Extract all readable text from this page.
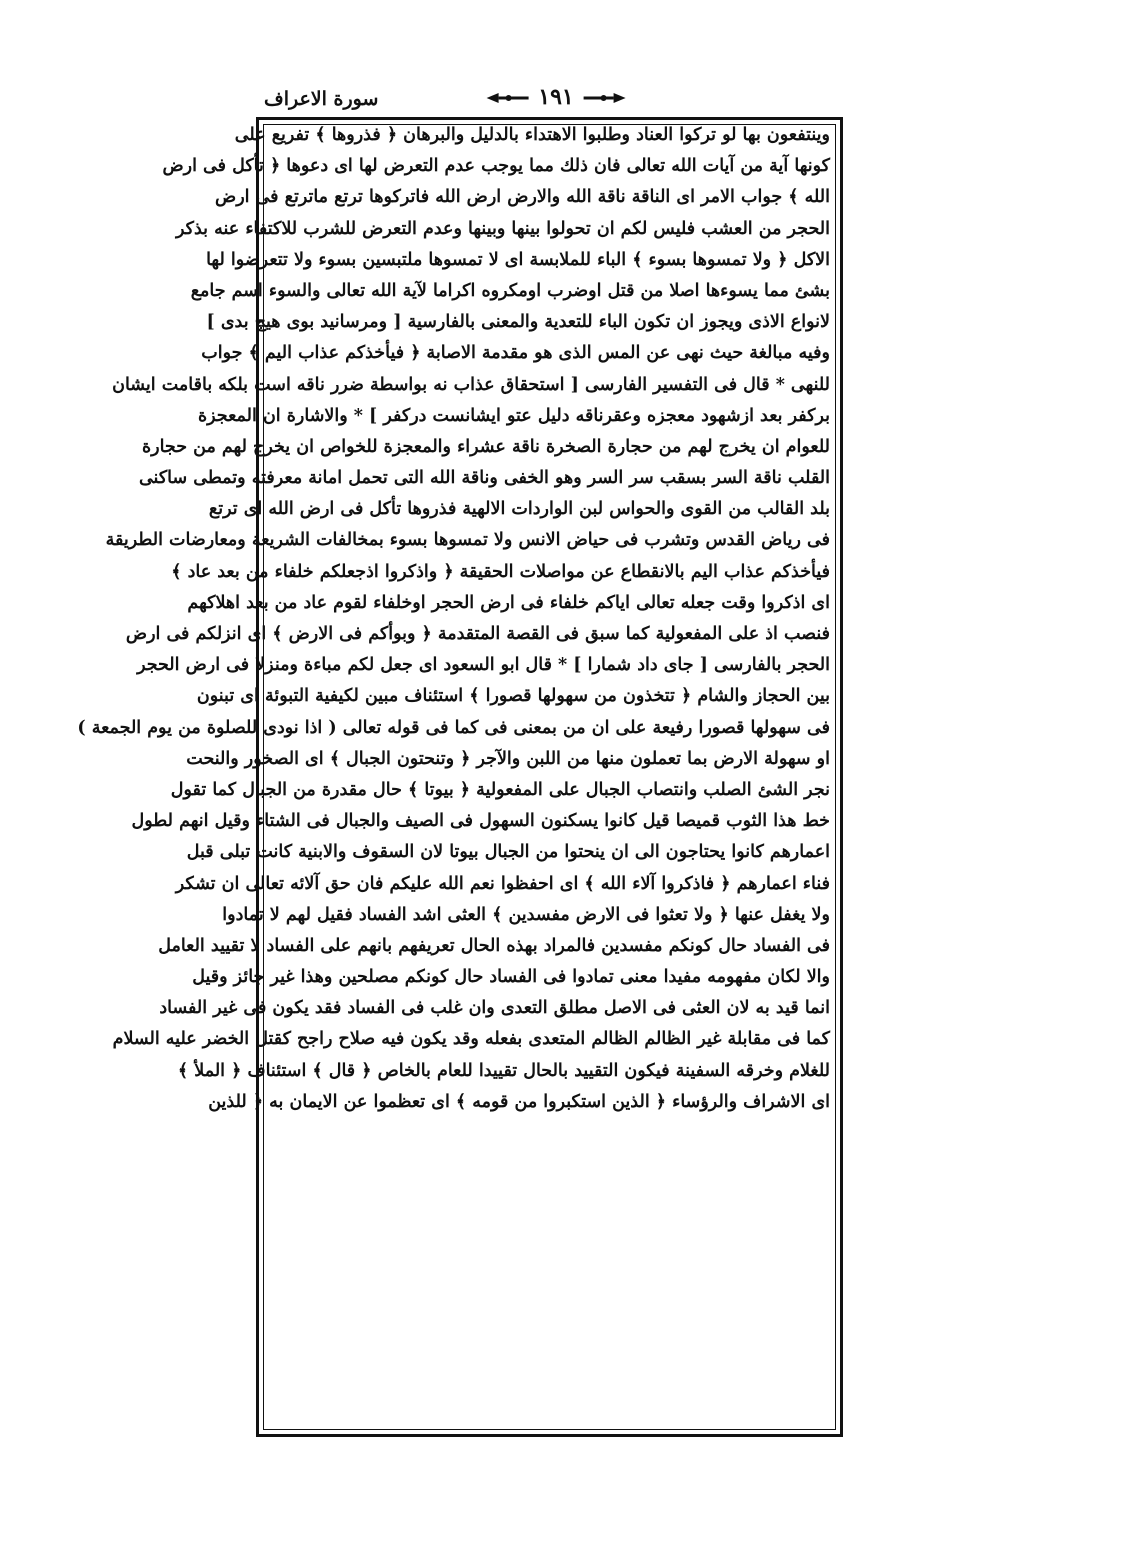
سورة الاعراف	١٩١
وينتفعون بها لو تركوا العناد وطلبوا الاهتداء بالدليل والبرهان ﴿ فذروها ﴾ تفريع على
كونها آية من آيات الله تعالى فان ذلك مما يوجب عدم التعرض لها اى دعوها ﴿ تأكل فى ارض
الله ﴾ جواب الامر اى الناقة ناقة الله والارض ارض الله فاتركوها ترتع ماترتع فى ارض
الحجر من العشب فليس لكم ان تحولوا بينها وبينها وعدم التعرض للشرب للاكتفاء عنه بذكر
الاكل ﴿ ولا تمسوها بسوء ﴾ الباء للملابسة اى لا تمسوها ملتبسين بسوء ولا تتعرضوا لها
بشئ مما يسوءها اصلا من قتل اوضرب اومكروه اكراما لآية الله تعالى والسوء اسم جامع
لانواع الاذى ويجوز ان تكون الباء للتعدية والمعنى بالفارسية [ ومرسانيد بوى هيچ بدى ]
وفيه مبالغة حيث نهى عن المس الذى هو مقدمة الاصابة ﴿ فيأخذكم عذاب اليم ﴾ جواب
للنهى * قال فى التفسير الفارسى [ استحقاق عذاب نه بواسطة ضرر ناقه است بلكه باقامت ايشان
بركفر بعد ازشهود معجزه وعقرناقه دليل عتو ايشانست دركفر ] * والاشارة ان المعجزة
للعوام ان يخرج لهم من حجارة الصخرة ناقة عشراء والمعجزة للخواص ان يخرج لهم من حجارة
القلب ناقة السر بسقب سر السر وهو الخفى وناقة الله التى تحمل امانة معرفته وتمطى ساكنى
بلد القالب من القوى والحواس لبن الواردات الالهية فذروها تأكل فى ارض الله اى ترتع
فى رياض القدس وتشرب فى حياض الانس ولا تمسوها بسوء بمخالفات الشريعة ومعارضات الطريقة
فيأخذكم عذاب اليم بالانقطاع عن مواصلات الحقيقة ﴿ واذكروا اذجعلكم خلفاء من بعد عاد ﴾
اى اذكروا وقت جعله تعالى اياكم خلفاء فى ارض الحجر اوخلفاء لقوم عاد من بعد اهلاكهم
فنصب اذ على المفعولية كما سبق فى القصة المتقدمة ﴿ وبوأكم فى الارض ﴾ اى انزلكم فى ارض
الحجر بالفارسى [ جاى داد شمارا ] * قال ابو السعود اى جعل لكم مباءة ومنزلا فى ارض الحجر
بين الحجاز والشام ﴿ تتخذون من سهولها قصورا ﴾ استئناف مبين لكيفية التبوئة اى تبنون
فى سهولها قصورا رفيعة على ان من بمعنى فى كما فى قوله تعالى ( اذا نودى للصلوة من يوم الجمعة )
او سهولة الارض بما تعملون منها من اللبن والآجر ﴿ وتنحتون الجبال ﴾ اى الصخور والنحت
نجر الشئ الصلب وانتصاب الجبال على المفعولية ﴿ بيوتا ﴾ حال مقدرة من الجبال كما تقول
خط هذا الثوب قميصا قيل كانوا يسكنون السهول فى الصيف والجبال فى الشتاء وقيل انهم لطول
اعمارهم كانوا يحتاجون الى ان ينحتوا من الجبال بيوتا لان السقوف والابنية كانت تبلى قبل
فناء اعمارهم ﴿ فاذكروا آلاء الله ﴾ اى احفظوا نعم الله عليكم فان حق آلائه تعالى ان تشكر
ولا يغفل عنها ﴿ ولا تعثوا فى الارض مفسدين ﴾ العثى اشد الفساد فقيل لهم لا تمادوا
فى الفساد حال كونكم مفسدين فالمراد بهذه الحال تعريفهم بانهم على الفساد لا تقييد العامل
والا لكان مفهومه مفيدا معنى تمادوا فى الفساد حال كونكم مصلحين وهذا غير جائز وقيل
انما قيد به لان العثى فى الاصل مطلق التعدى وان غلب فى الفساد فقد يكون فى غير الفساد
كما فى مقابلة غير الظالم الظالم المتعدى بفعله وقد يكون فيه صلاح راجح كقتل الخضر عليه السلام
للغلام وخرقه السفينة فيكون التقييد بالحال تقييدا للعام بالخاص ﴿ قال ﴾ استئناف ﴿ الملأ ﴾
اى الاشراف والرؤساء ﴿ الذين استكبروا من قومه ﴾ اى تعظموا عن الايمان به ﴿ للذين
